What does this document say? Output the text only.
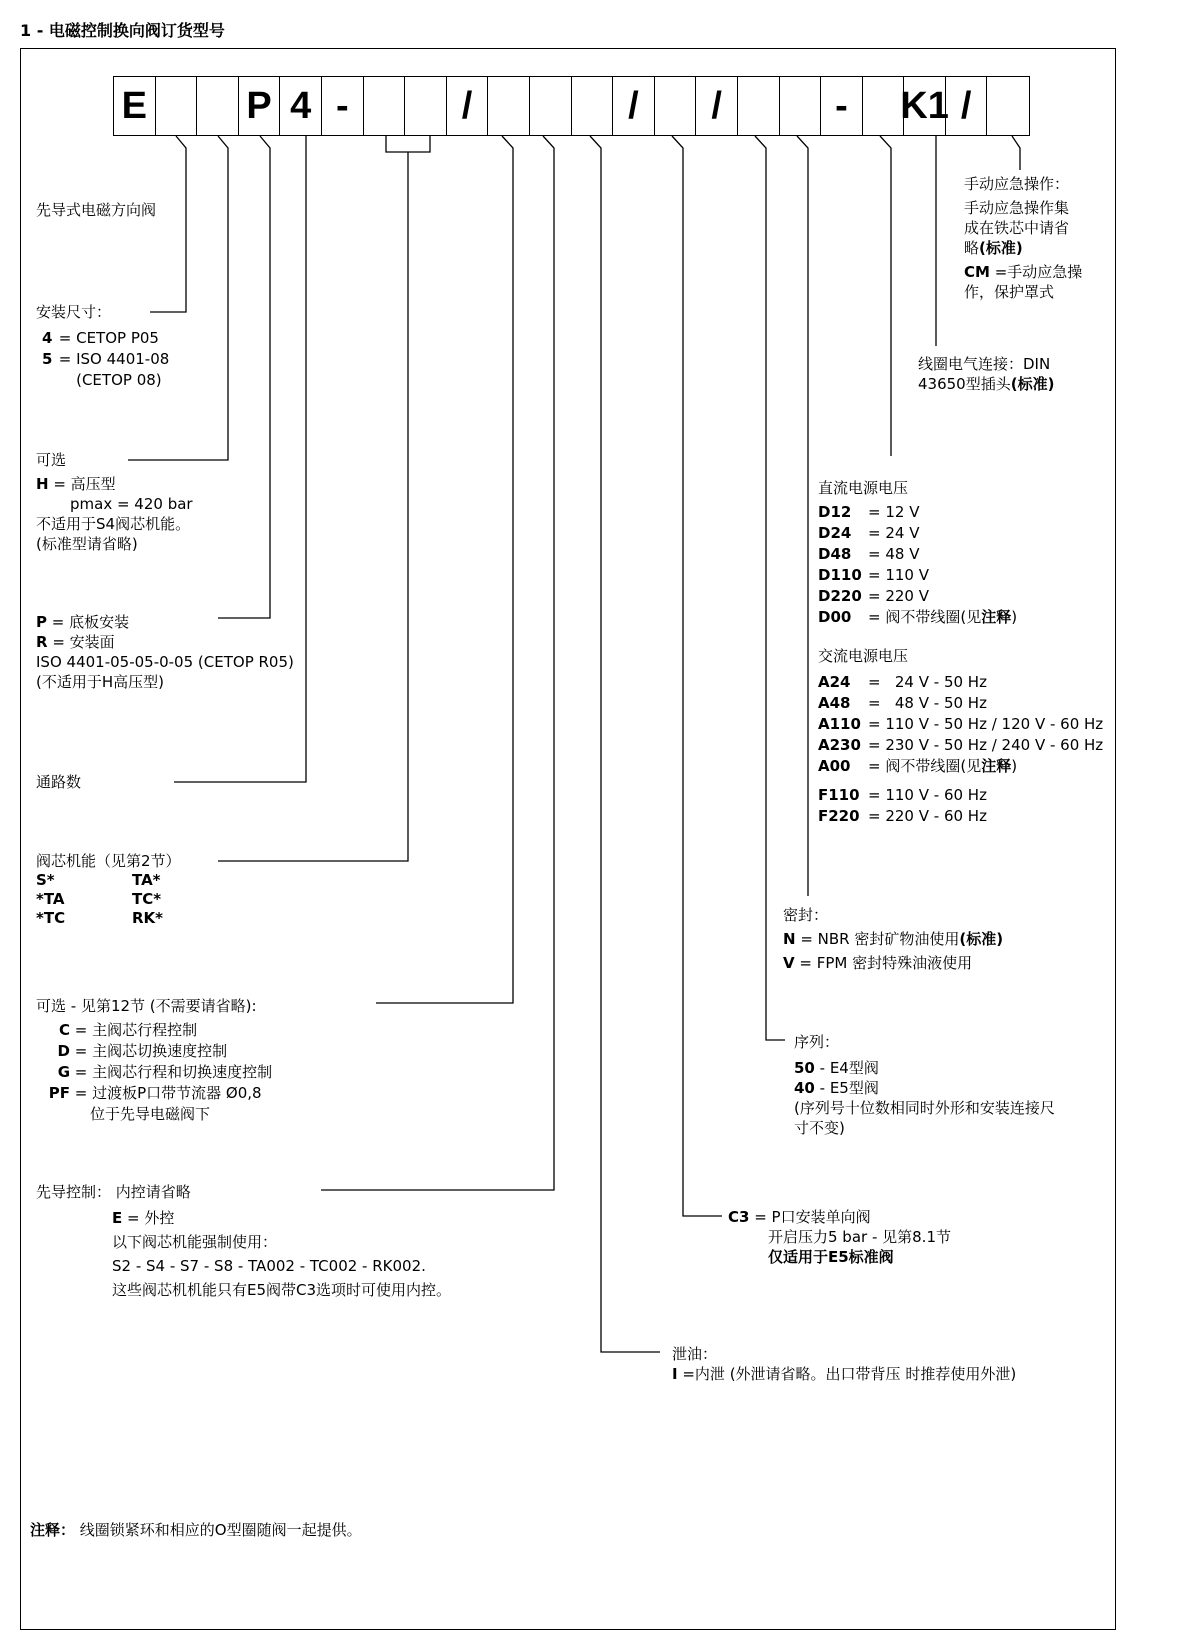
1 - 电磁控制换向阀订货型号
E	P 4 -	/	/	/	-	K1 /
先导式电磁方向阀
安装尺寸：
4	=	CETOP P05
5	=	ISO 4401-08
		(CETOP 08)
可选
H = 高压型
pmax = 420 bar
不适用于S4阀芯机能。
(标准型请省略)
P = 底板安装
R = 安装面
ISO 4401-05-05-0-05 (CETOP R05)
(不适用于H高压型)
通路数
阀芯机能（见第2节）
S*	TA*
*TA	TC*
*TC	RK*
可选 - 见第12节 (不需要请省略):
C	= 主阀芯行程控制
D	= 主阀芯切换速度控制
G	= 主阀芯行程和切换速度控制
PF	= 过渡板P口带节流器 Ø0,8
位于先导电磁阀下
先导控制： 内控请省略
E = 外控
以下阀芯机能强制使用：
S2 - S4 - S7 - S8 - TA002 - TC002 - RK002.
这些阀芯机机能只有E5阀带C3选项时可使用内控。
泄油：
I =内泄 (外泄请省略。出口带背压 时推荐使用外泄)
C3 = P口安装单向阀
开启压力5 bar - 见第8.1节
仅适用于E5标准阀
序列：
50 - E4型阀
40 - E5型阀
(序列号十位数相同时外形和安装连接尺
寸不变)
密封：
N = NBR 密封矿物油使用(标准)
V = FPM 密封特殊油液使用
直流电源电压
D12	= 12 V
D24	= 24 V
D48	= 48 V
D110	= 110 V
D220	= 220 V
D00	= 阀不带线圈(见注释)
交流电源电压
A24	=   24 V - 50 Hz
A48	=   48 V - 50 Hz
A110	= 110 V - 50 Hz / 120 V - 60 Hz
A230	= 230 V - 50 Hz / 240 V - 60 Hz
A00	= 阀不带线圈(见注释)
F110	= 110 V - 60 Hz
F220	= 220 V - 60 Hz
线圈电气连接：DIN
43650型插头(标准)
手动应急操作：
手动应急操作集
成在铁芯中请省
略(标准)
CM =手动应急操
作，保护罩式
注释： 线圈锁紧环和相应的O型圈随阀一起提供。
